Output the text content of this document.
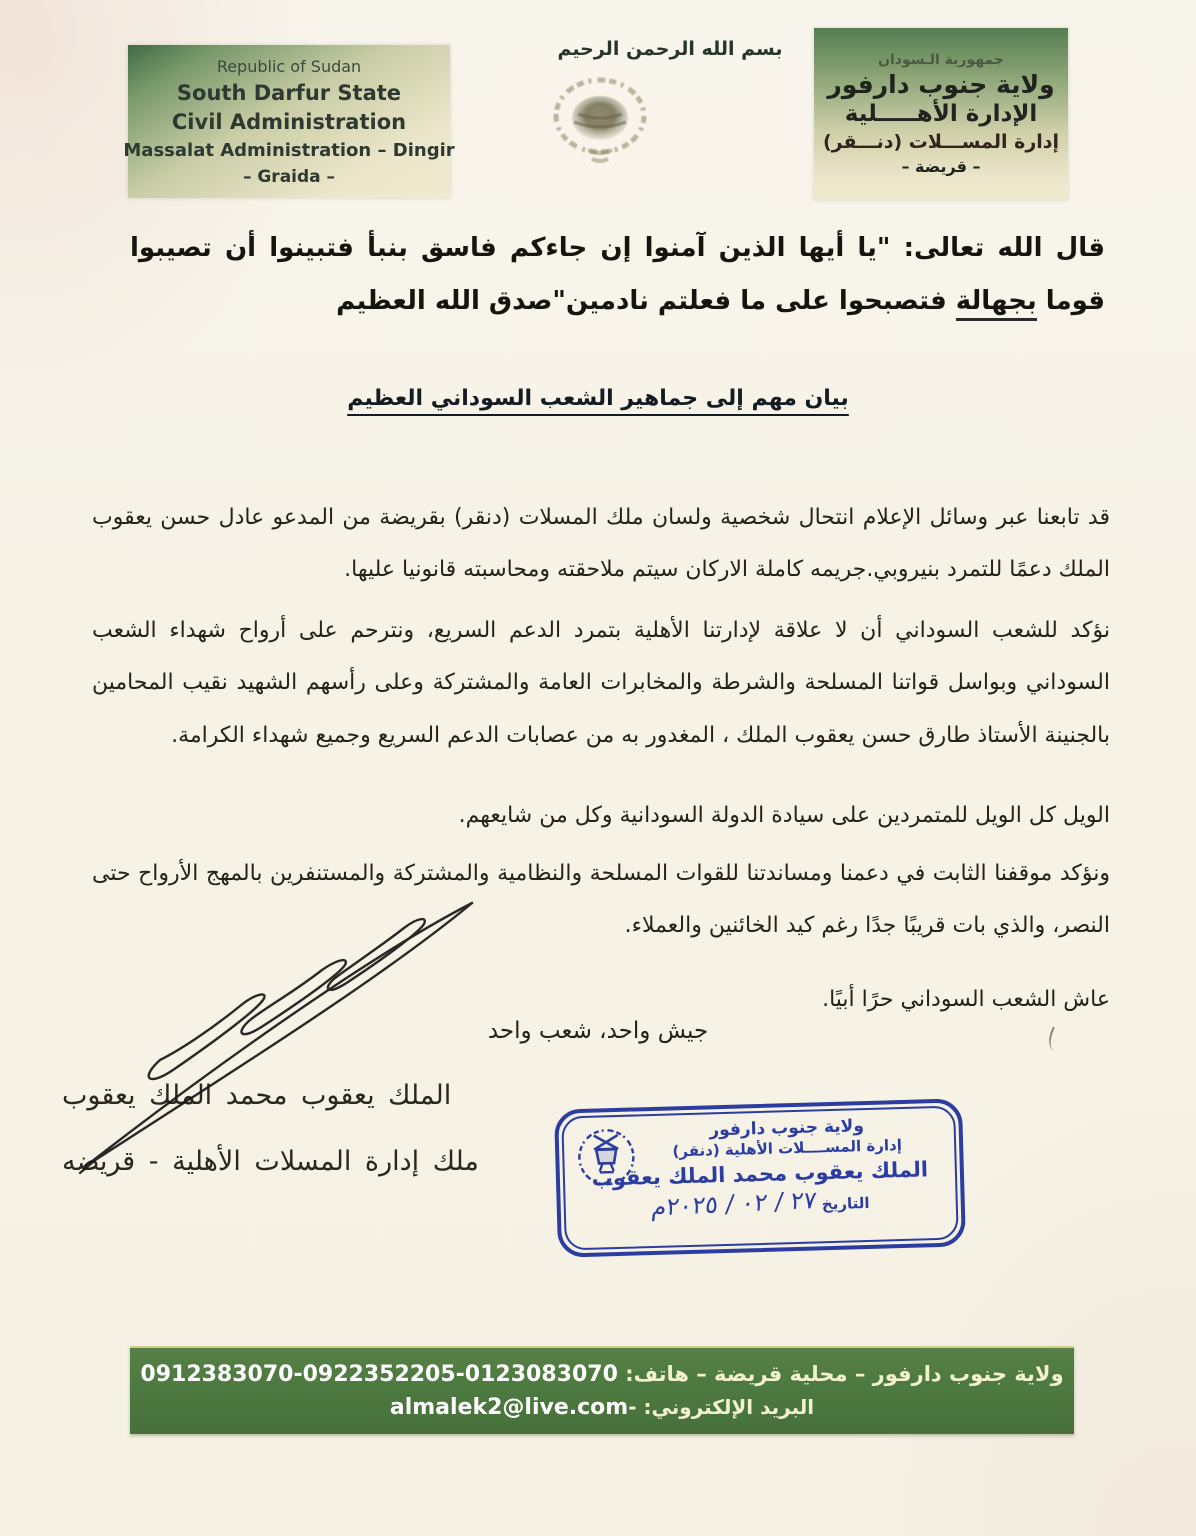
Republic of Sudan
South Darfur State
Civil Administration
Massalat Administration – Dingir
– Graida –
بسم الله الرحمن الرحيم	جمهورية الـسودان
ولاية جنوب دارفور
الإدارة الأهـــــلية
إدارة المســـلات (دنـــقر)
– قريضة –
قال الله تعالى: "يا أيها الذين آمنوا إن جاءكم فاسق بنبأ فتبينوا أن تصيبوا قوما بجهالة فتصبحوا على ما فعلتم نادمين"صدق الله العظيم
بيان مهم إلى جماهير الشعب السوداني العظيم

قد تابعنا عبر وسائل الإعلام انتحال شخصية ولسان ملك المسلات (دنقر) بقريضة من المدعو عادل حسن يعقوب الملك دعمًا للتمرد بنيروبي.جريمه كاملة الاركان سيتم ملاحقته ومحاسبته قانونيا عليها.

نؤكد للشعب السوداني أن لا علاقة لإدارتنا الأهلية بتمرد الدعم السريع، ونترحم على أرواح شهداء الشعب السوداني وبواسل قواتنا المسلحة والشرطة والمخابرات العامة والمشتركة وعلى رأسهم الشهيد نقيب المحامين بالجنينة الأستاذ طارق حسن يعقوب الملك ، المغدور به من عصابات الدعم السريع وجميع شهداء الكرامة.

الويل كل الويل للمتمردين على سيادة الدولة السودانية وكل من شايعهم.

ونؤكد موقفنا الثابت في دعمنا ومساندتنا للقوات المسلحة والنظامية والمشتركة والمستنفرين بالمهج الأرواح حتى النصر، والذي بات قريبًا جدًا رغم كيد الخائنين والعملاء.

عاش الشعب السوداني حرًا أبيًا.

جيش واحد، شعب واحد
الملك يعقوب محمد الملك يعقوب
ملك إدارة المسلات الأهلية - قريضه
ولاية جنوب دارفور
إدارة المســــلات الأهلية (دنقر)
الملك يعقوب محمد الملك يعقوب
التاريخ ٢٧ / ٠٢ / ٢٠٢٥م
ولاية جنوب دارفور – محلية قريضة – هاتف: 0912383070-0922352205-0123083070
البريد الإلكتروني: -almalek2@live.com
